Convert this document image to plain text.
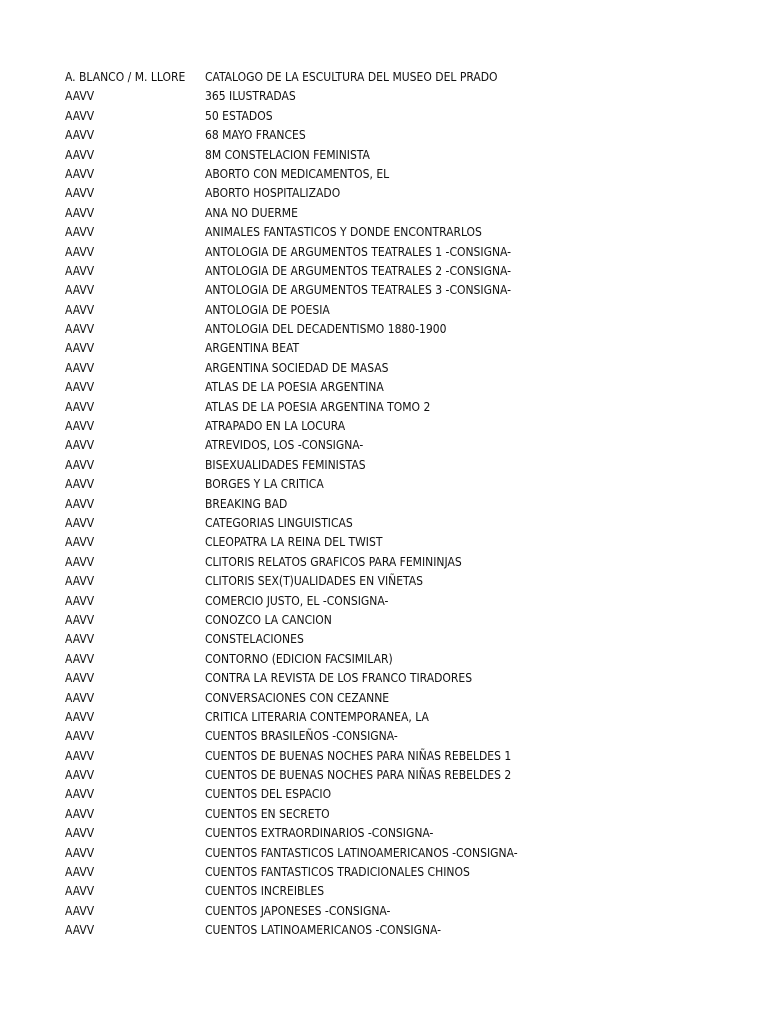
A. BLANCO / M. LLORE	CATALOGO DE LA ESCULTURA DEL MUSEO DEL PRADO
AAVV	365 ILUSTRADAS
AAVV	50 ESTADOS
AAVV	68 MAYO FRANCES
AAVV	8M CONSTELACION FEMINISTA
AAVV	ABORTO CON MEDICAMENTOS, EL
AAVV	ABORTO HOSPITALIZADO
AAVV	ANA NO DUERME
AAVV	ANIMALES FANTASTICOS Y DONDE ENCONTRARLOS
AAVV	ANTOLOGIA DE ARGUMENTOS TEATRALES 1 -CONSIGNA-
AAVV	ANTOLOGIA DE ARGUMENTOS TEATRALES 2 -CONSIGNA-
AAVV	ANTOLOGIA DE ARGUMENTOS TEATRALES 3 -CONSIGNA-
AAVV	ANTOLOGIA DE POESIA
AAVV	ANTOLOGIA DEL DECADENTISMO 1880-1900
AAVV	ARGENTINA BEAT
AAVV	ARGENTINA SOCIEDAD DE MASAS
AAVV	ATLAS DE LA POESIA ARGENTINA
AAVV	ATLAS DE LA POESIA ARGENTINA TOMO 2
AAVV	ATRAPADO EN LA LOCURA
AAVV	ATREVIDOS, LOS -CONSIGNA-
AAVV	BISEXUALIDADES FEMINISTAS
AAVV	BORGES Y LA CRITICA
AAVV	BREAKING BAD
AAVV	CATEGORIAS LINGUISTICAS
AAVV	CLEOPATRA LA REINA DEL TWIST
AAVV	CLITORIS RELATOS GRAFICOS PARA FEMININJAS
AAVV	CLITORIS SEX(T)UALIDADES EN VIÑETAS
AAVV	COMERCIO JUSTO, EL -CONSIGNA-
AAVV	CONOZCO LA CANCION
AAVV	CONSTELACIONES
AAVV	CONTORNO (EDICION FACSIMILAR)
AAVV	CONTRA LA REVISTA DE LOS FRANCO TIRADORES
AAVV	CONVERSACIONES CON CEZANNE
AAVV	CRITICA LITERARIA CONTEMPORANEA, LA
AAVV	CUENTOS BRASILEÑOS -CONSIGNA-
AAVV	CUENTOS DE BUENAS NOCHES PARA NIÑAS REBELDES 1
AAVV	CUENTOS DE BUENAS NOCHES PARA NIÑAS REBELDES 2
AAVV	CUENTOS DEL ESPACIO
AAVV	CUENTOS EN SECRETO
AAVV	CUENTOS EXTRAORDINARIOS -CONSIGNA-
AAVV	CUENTOS FANTASTICOS LATINOAMERICANOS -CONSIGNA-
AAVV	CUENTOS FANTASTICOS TRADICIONALES CHINOS
AAVV	CUENTOS INCREIBLES
AAVV	CUENTOS JAPONESES -CONSIGNA-
AAVV	CUENTOS LATINOAMERICANOS -CONSIGNA-
